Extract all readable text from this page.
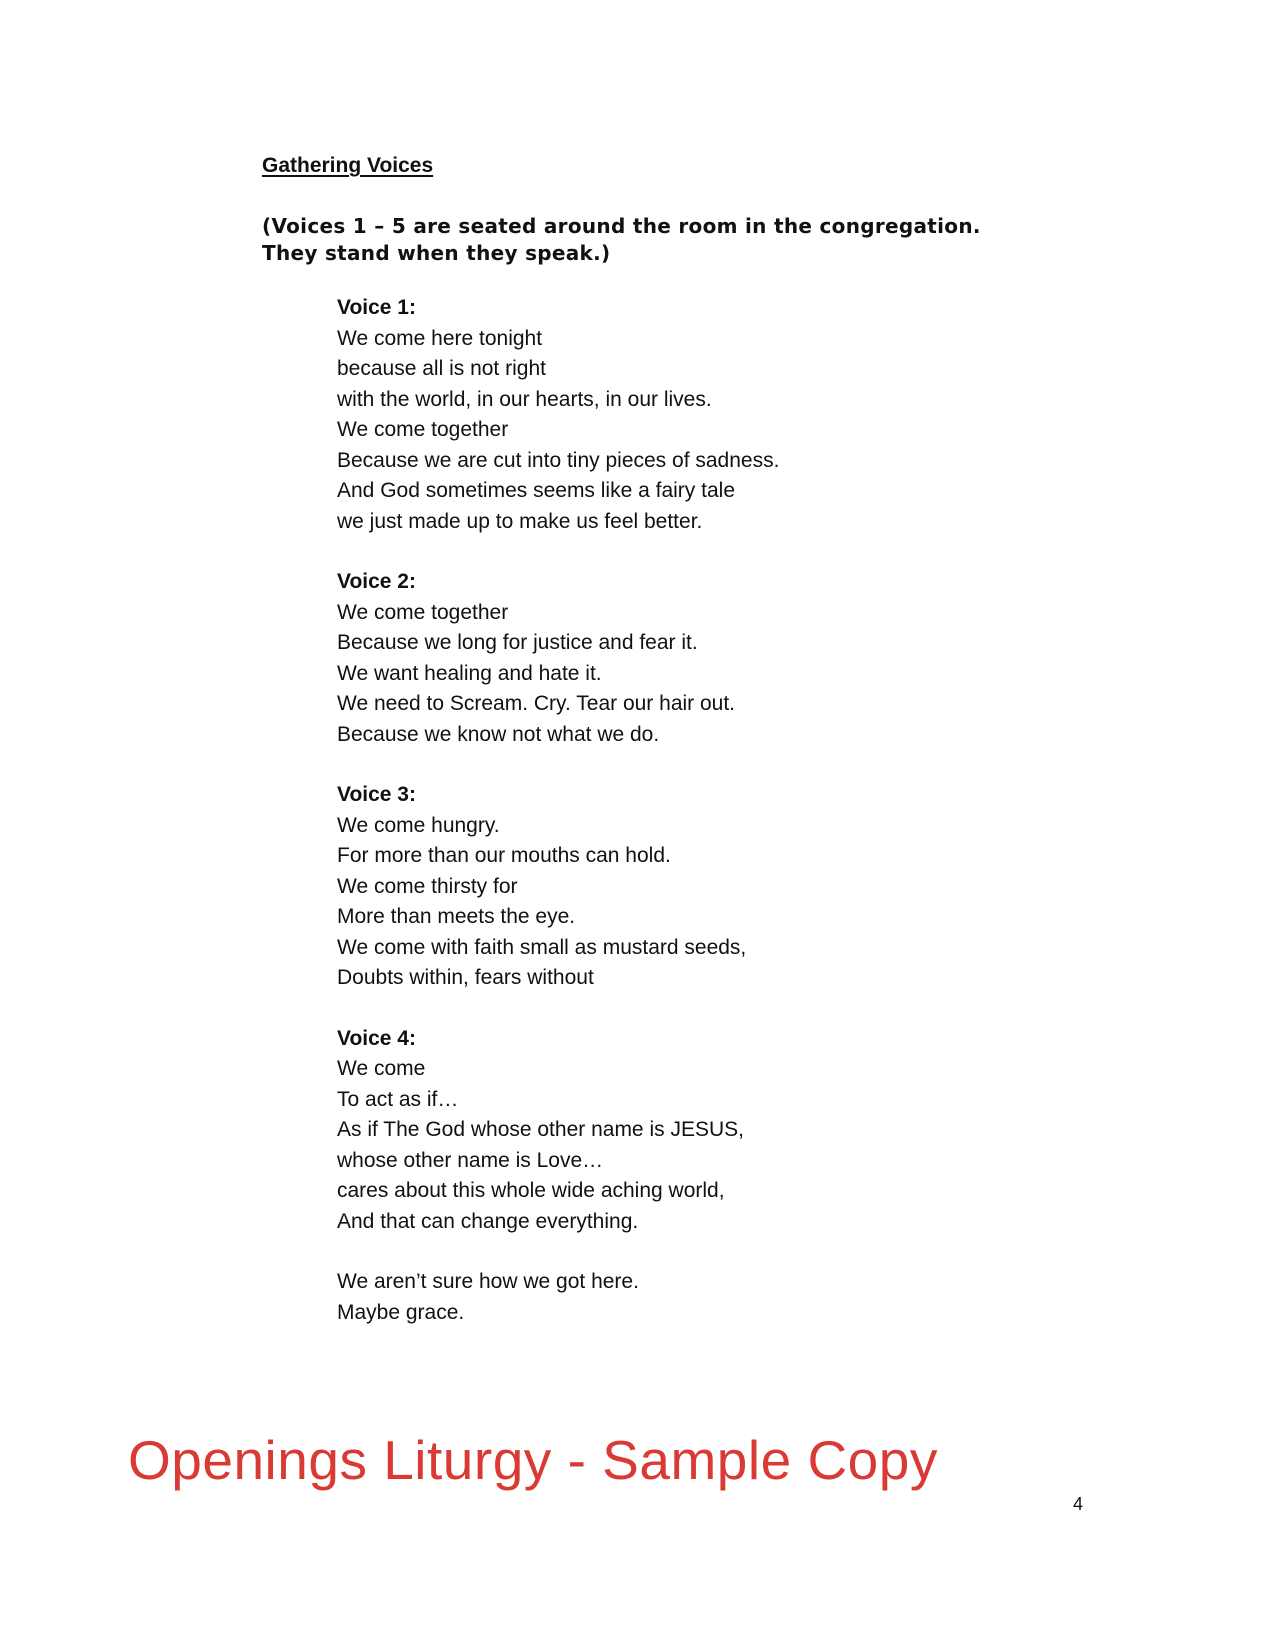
Gathering Voices
(Voices 1 – 5 are seated around the room in the congregation.
They stand when they speak.)
Voice 1:
We come here tonight
because all is not right
with the world, in our hearts, in our lives.
We come together
Because we are cut into tiny pieces of sadness.
And God sometimes seems like a fairy tale
we just made up to make us feel better.
Voice 2:
We come together
Because we long for justice and fear it.
We want healing and hate it.
We need to Scream. Cry. Tear our hair out.
Because we know not what we do.
Voice 3:
We come hungry.
For more than our mouths can hold.
We come thirsty for
More than meets the eye.
We come with faith small as mustard seeds,
Doubts within, fears without
Voice 4:
We come
To act as if…
As if The God whose other name is JESUS,
whose other name is Love…
cares about this whole wide aching world,
And that can change everything.
We aren’t sure how we got here.
Maybe grace.
Openings Liturgy - Sample Copy
4
